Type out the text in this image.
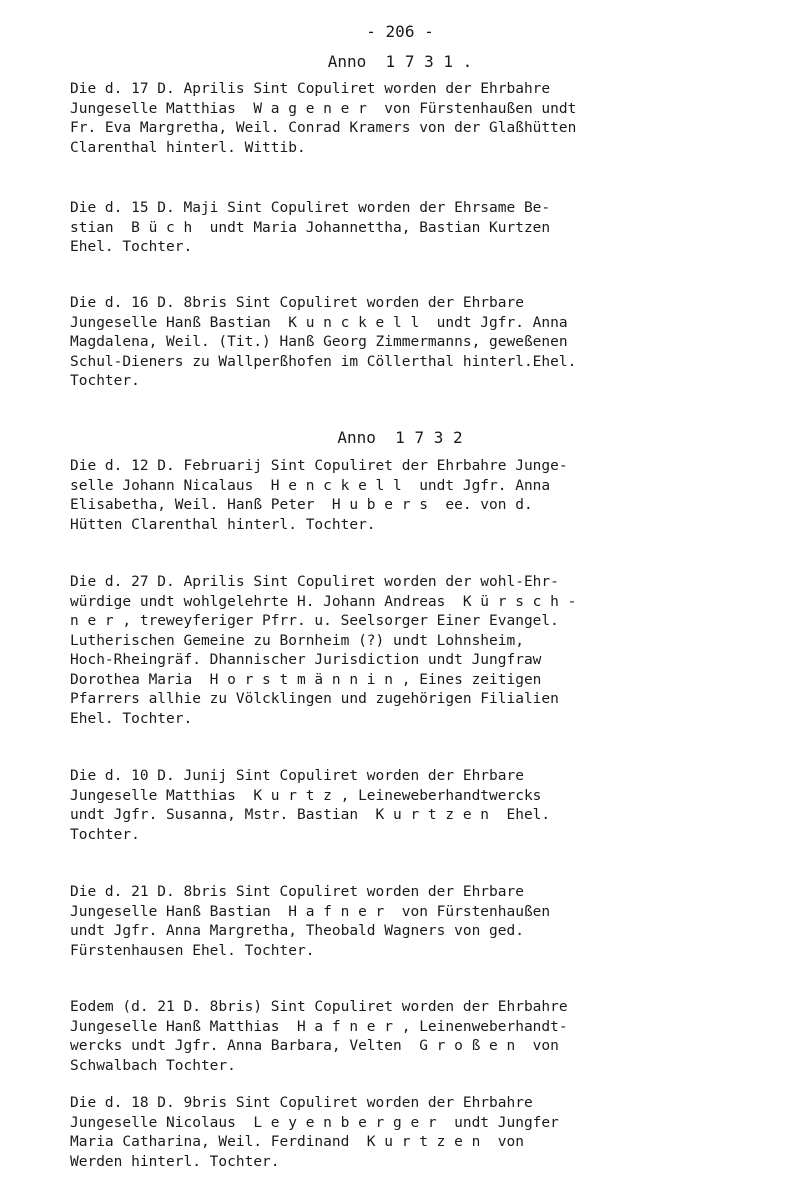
- 206 -
Anno  1 7 3 1 .
Die d. 17 D. Aprilis Sint Copuliret worden der Ehrbahre
Jungeselle Matthias  W a g e n e r  von Fürstenhaußen undt
Fr. Eva Margretha, Weil. Conrad Kramers von der Glaßhütten
Clarenthal hinterl. Wittib.
Die d. 15 D. Maji Sint Copuliret worden der Ehrsame Be-
stian  B ü c h  undt Maria Johannettha, Bastian Kurtzen
Ehel. Tochter.
Die d. 16 D. 8bris Sint Copuliret worden der Ehrbare
Jungeselle Hanß Bastian  K u n c k e l l  undt Jgfr. Anna
Magdalena, Weil. (Tit.) Hanß Georg Zimmermanns, geweßenen
Schul-Dieners zu Wallperßhofen im Cöllerthal hinterl.Ehel.
Tochter.
Anno  1 7 3 2
Die d. 12 D. Februarij Sint Copuliret der Ehrbahre Junge-
selle Johann Nicalaus  H e n c k e l l  undt Jgfr. Anna
Elisabetha, Weil. Hanß Peter  H u b e r s  ee. von d.
Hütten Clarenthal hinterl. Tochter.
Die d. 27 D. Aprilis Sint Copuliret worden der wohl-Ehr-
würdige undt wohlgelehrte H. Johann Andreas  K ü r s c h -
n e r , treweyferiger Pfrr. u. Seelsorger Einer Evangel.
Lutherischen Gemeine zu Bornheim (?) undt Lohnsheim,
Hoch-Rheingräf. Dhannischer Jurisdiction undt Jungfraw
Dorothea Maria  H o r s t m ä n n i n , Eines zeitigen
Pfarrers allhie zu Völcklingen und zugehörigen Filialien
Ehel. Tochter.
Die d. 10 D. Junij Sint Copuliret worden der Ehrbare
Jungeselle Matthias  K u r t z , Leineweberhandtwercks
undt Jgfr. Susanna, Mstr. Bastian  K u r t z e n  Ehel.
Tochter.
Die d. 21 D. 8bris Sint Copuliret worden der Ehrbare
Jungeselle Hanß Bastian  H a f n e r  von Fürstenhaußen
undt Jgfr. Anna Margretha, Theobald Wagners von ged.
Fürstenhausen Ehel. Tochter.
Eodem (d. 21 D. 8bris) Sint Copuliret worden der Ehrbahre
Jungeselle Hanß Matthias  H a f n e r , Leinenweberhandt-
wercks undt Jgfr. Anna Barbara, Velten  G r o ß e n  von
Schwalbach Tochter.
Die d. 18 D. 9bris Sint Copuliret worden der Ehrbahre
Jungeselle Nicolaus  L e y e n b e r g e r  undt Jungfer
Maria Catharina, Weil. Ferdinand  K u r t z e n  von
Werden hinterl. Tochter.
